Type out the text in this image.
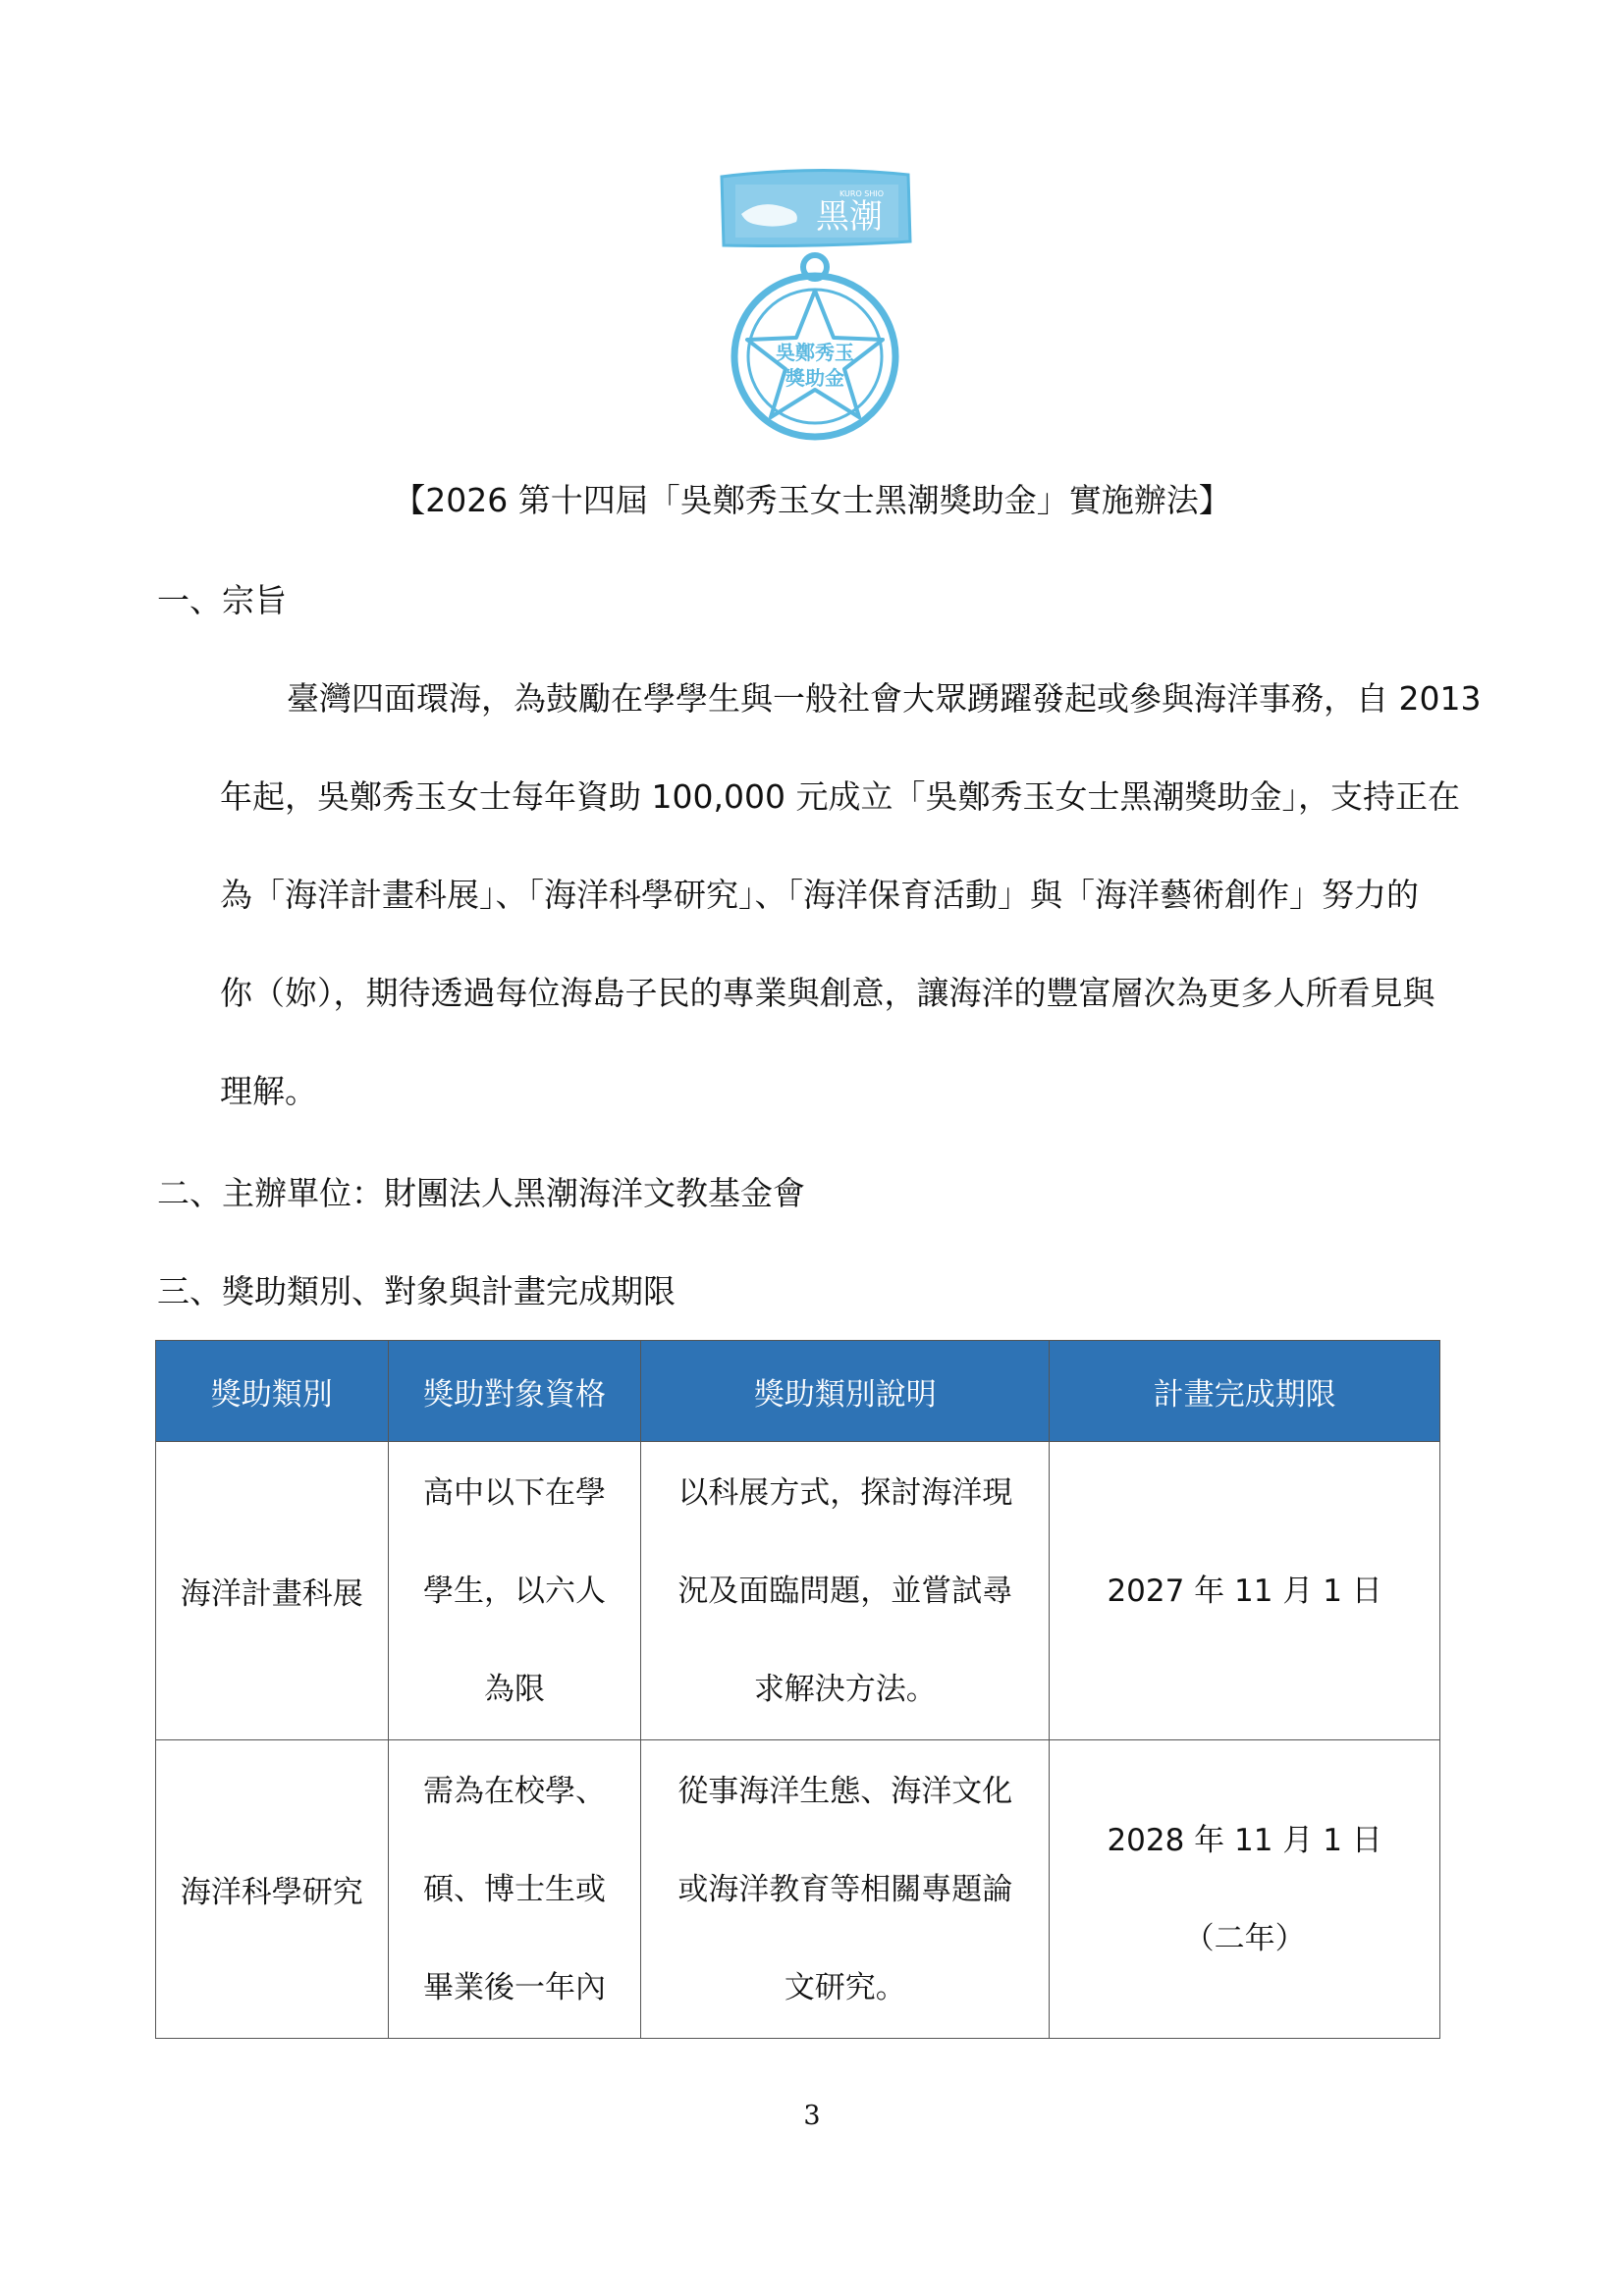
黑潮
KURO SHIO
吳鄭秀玉
獎助金
【2026 第十四屆「吳鄭秀玉女士黑潮獎助金」實施辦法】
一、宗旨
臺灣四面環海，為鼓勵在學學生與一般社會大眾踴躍發起或參與海洋事務，自 2013
年起，吳鄭秀玉女士每年資助 100,000 元成立「吳鄭秀玉女士黑潮獎助金」，支持正在
為「海洋計畫科展」、「海洋科學研究」、「海洋保育活動」與「海洋藝術創作」努力的
你（妳），期待透過每位海島子民的專業與創意，讓海洋的豐富層次為更多人所看見與
理解。
二、主辦單位：財團法人黑潮海洋文教基金會
三、獎助類別、對象與計畫完成期限
獎助類別	獎助對象資格	獎助類別說明	計畫完成期限
海洋計畫科展	高中以下在學
學生，以六人
為限	以科展方式，探討海洋現
況及面臨問題，並嘗試尋
求解決方法。	2027 年 11 月 1 日

海洋科學研究	需為在校學、
碩、博士生或
畢業後一年內	從事海洋生態、海洋文化
或海洋教育等相關專題論
文研究。	2028 年 11 月 1 日
（二年）
3
